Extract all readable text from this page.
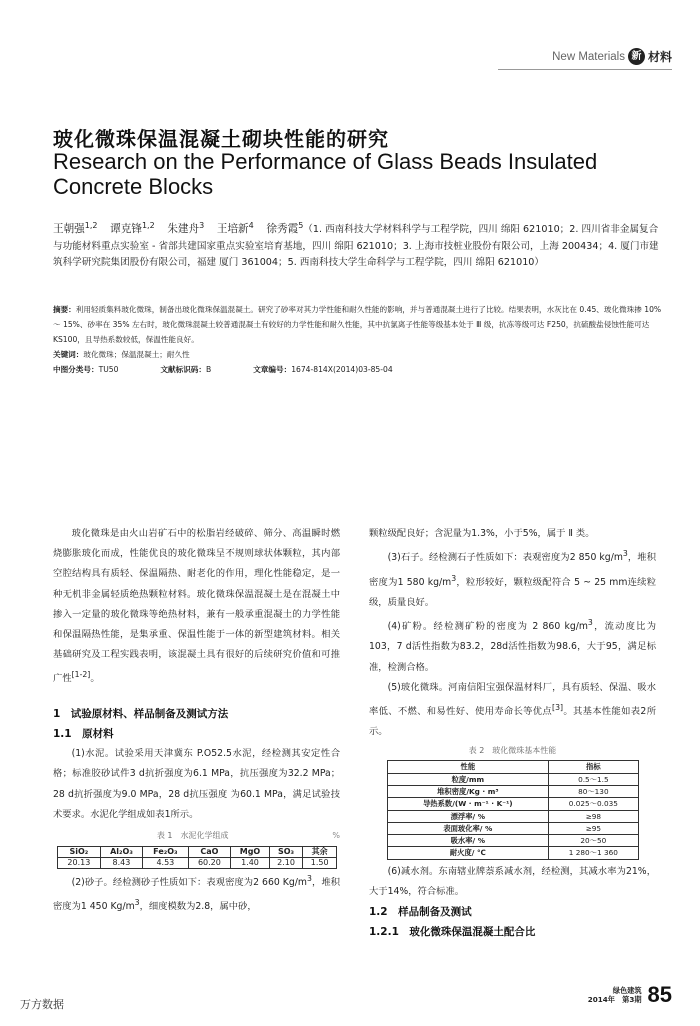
New Materials 新 材料
玻化微珠保温混凝土砌块性能的研究
Research on the Performance of Glass Beads Insulated Concrete Blocks
王朝强$^{1,2}$　 谭克锋$^{1,2}$　 朱建舟$^3$　 王培新$^4$　 徐秀霞$^5$（1. 西南科技大学材料科学与工程学院，四川 绵阳 621010；2. 四川省非金属复合与功能材料重点实验室 - 省部共建国家重点实验室培育基地，四川 绵阳 621010；3. 上海市技桩业股份有限公司，上海 200434；4. 厦门市建筑科学研究院集团股份有限公司，福建 厦门 361004；5. 西南科技大学生命科学与工程学院，四川 绵阳 621010）
摘要：利用轻质集料玻化微珠，制备出玻化微珠保温混凝土。研究了砂率对其力学性能和耐久性能的影响，并与普通混凝土进行了比较。结果表明，水灰比在 0.45、玻化微珠掺 10% ～ 15%、砂率在 35% 左右时，玻化微珠混凝土较普通混凝土有较好的力学性能和耐久性能，其中抗氯离子性能等级基本处于 Ⅲ 级，抗冻等级可达 F250，抗硫酸盐侵蚀性能可达 KS100，且导热系数较低，保温性能良好。
关键词：玻化微珠；保温混凝土；耐久性
中图分类号：TU50	文献标识码：B	文章编号：1674-814X(2014)03-85-04

玻化微珠是由火山岩矿石中的松脂岩经破碎、筛分、高温瞬时燃烧膨胀玻化而成，性能优良的玻化微珠呈不规则球状体颗粒，其内部空腔结构具有质轻、保温隔热、耐老化的作用，理化性能稳定，是一种无机非金属轻质绝热颗粒材料。玻化微珠保温混凝土是在混凝土中掺入一定量的玻化微珠等绝热材料，兼有一般承重混凝土的力学性能和保温隔热性能，是集承重、保温性能于一体的新型建筑材料。相关基础研究及工程实践表明，该混凝土具有很好的后续研究价值和可推广性[1-2]。

1　试验原材料、样品制备及测试方法

1.1　原材料

(1)水泥。试验采用天津冀东 P.O52.5水泥，经检测其安定性合格；标准胶砂试件3 d抗折强度为6.1 MPa，抗压强度为32.2 MPa；28 d抗折强度为9.0 MPa，28 d抗压强度 为60.1 MPa，满足试验技术要求。水泥化学组成如表1所示。

%
表 1　水泥化学组成
SiO₂	Al₂O₃	Fe₂O₃	CaO	MgO	SO₃	其余
20.13	8.43	4.53	60.20	1.40	2.10	1.50

(2)砂子。经检测砂子性质如下：表观密度为2 660 $Kg/m^3$，堆积密度为1 450 $Kg/m^3$，细度模数为2.8，属中砂，

颗粒级配良好；含泥量为1.3%，小于5%，属于 Ⅱ 类。

(3)石子。经检测石子性质如下：表观密度为2 850 $kg/m^3$，堆积密度为1 580 $kg/m^3$，粒形较好，颗粒级配符合 5 ~ 25 mm连续粒级，质量良好。

(4)矿粉。经检测矿粉的密度为 2 860 $kg/m^3$，流动度比为103，7 d活性指数为83.2，28d活性指数为98.6，大于95，满足标准，检测合格。

(5)玻化微珠。河南信阳宝强保温材料厂，具有质轻、保温、吸水率低、不燃、和易性好、使用寿命长等优点[3]。其基本性能如表2所示。

表 2　玻化微珠基本性能
性能	指标
粒度/mm	0.5～1.5
堆积密度/Kg · m³	80～130
导热系数/(W · m⁻¹ · K⁻¹)	0.025～0.035
漂浮率/ %	≥98
表面玻化率/ %	≥95
吸水率/ %	20～50
耐火度/ ℃	1 280～1 360

(6)减水剂。东南辖业牌萘系减水剂，经检测，其减水率为21%，大于14%，符合标准。

1.2　样品制备及测试

1.2.1　玻化微珠保温混凝土配合比

绿色建筑
2014年　第3期 85
万方数据
